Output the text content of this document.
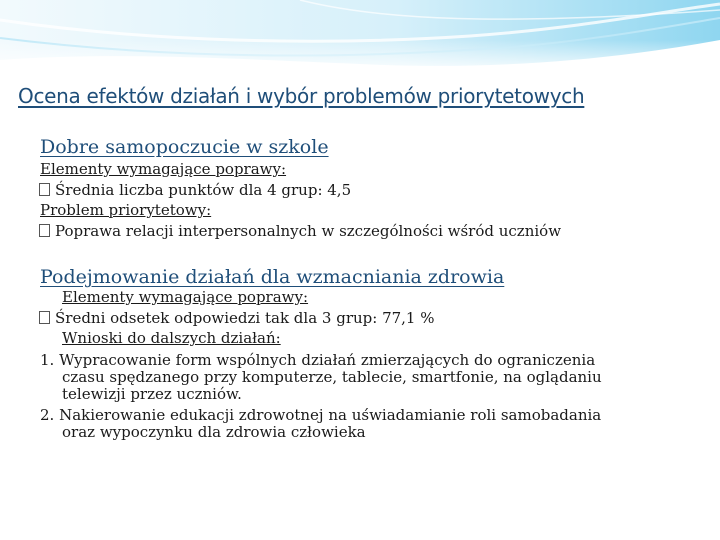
Ocena efektów działań i wybór problemów priorytetowych
Dobre samopoczucie w szkole
Elementy wymagające poprawy:
Średnia liczba punktów dla 4 grup: 4,5
Problem priorytetowy:
Poprawa relacji interpersonalnych w szczególności wśród uczniów
Podejmowanie działań dla wzmacniania zdrowia
Elementy wymagające poprawy:
Średni odsetek odpowiedzi tak dla 3 grup: 77,1 %
Wnioski do dalszych działań:
1. Wypracowanie form wspólnych działań zmierzających do ograniczenia
czasu spędzanego przy komputerze, tablecie, smartfonie, na oglądaniu
telewizji przez uczniów.
2. Nakierowanie edukacji zdrowotnej na uświadamianie roli samobadania
oraz wypoczynku dla zdrowia człowieka
